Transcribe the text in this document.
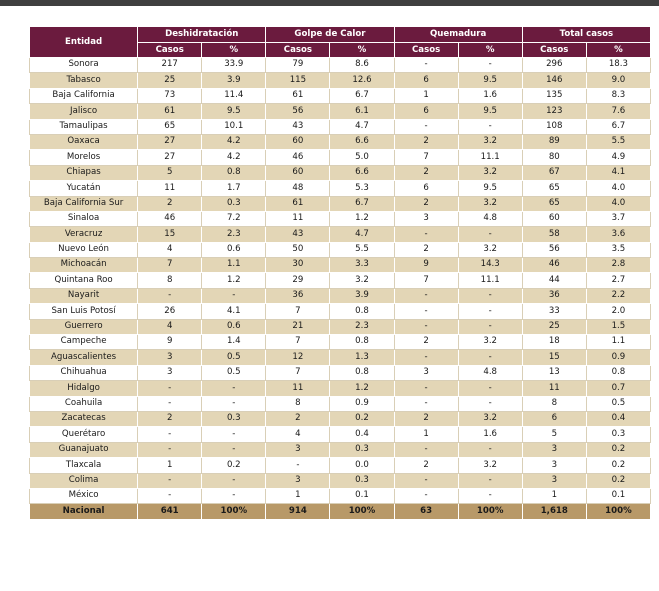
Entidad	Deshidratación		Golpe de Calor		Quemadura		Total casos	
	Casos	%	Casos	%	Casos	%	Casos	%
Sonora	217	33.9	79	8.6	-	-	296	18.3
Tabasco	25	3.9	115	12.6	6	9.5	146	9.0
Baja California	73	11.4	61	6.7	1	1.6	135	8.3
Jalisco	61	9.5	56	6.1	6	9.5	123	7.6
Tamaulipas	65	10.1	43	4.7	-	-	108	6.7
Oaxaca	27	4.2	60	6.6	2	3.2	89	5.5
Morelos	27	4.2	46	5.0	7	11.1	80	4.9
Chiapas	5	0.8	60	6.6	2	3.2	67	4.1
Yucatán	11	1.7	48	5.3	6	9.5	65	4.0
Baja California Sur	2	0.3	61	6.7	2	3.2	65	4.0
Sinaloa	46	7.2	11	1.2	3	4.8	60	3.7
Veracruz	15	2.3	43	4.7	-	-	58	3.6
Nuevo León	4	0.6	50	5.5	2	3.2	56	3.5
Michoacán	7	1.1	30	3.3	9	14.3	46	2.8
Quintana Roo	8	1.2	29	3.2	7	11.1	44	2.7
Nayarit	-	-	36	3.9	-	-	36	2.2
San Luis Potosí	26	4.1	7	0.8	-	-	33	2.0
Guerrero	4	0.6	21	2.3	-	-	25	1.5
Campeche	9	1.4	7	0.8	2	3.2	18	1.1
Aguascalientes	3	0.5	12	1.3	-	-	15	0.9
Chihuahua	3	0.5	7	0.8	3	4.8	13	0.8
Hidalgo	-	-	11	1.2	-	-	11	0.7
Coahuila	-	-	8	0.9	-	-	8	0.5
Zacatecas	2	0.3	2	0.2	2	3.2	6	0.4
Querétaro	-	-	4	0.4	1	1.6	5	0.3
Guanajuato	-	-	3	0.3	-	-	3	0.2
Tlaxcala	1	0.2	-	0.0	2	3.2	3	0.2
Colima	-	-	3	0.3	-	-	3	0.2
México	-	-	1	0.1	-	-	1	0.1
Nacional	641	100%	914	100%	63	100%	1,618	100%
